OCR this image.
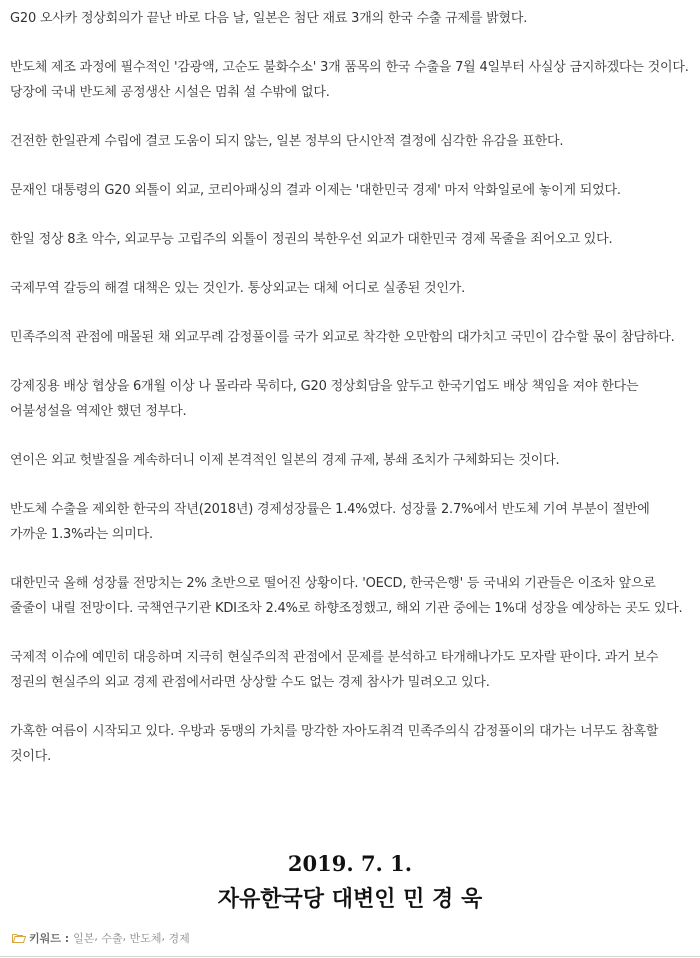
G20 오사카 정상회의가 끝난 바로 다음 날, 일본은 첨단 재료 3개의 한국 수출 규제를 밝혔다.

반도체 제조 과정에 필수적인 '감광액, 고순도 불화수소' 3개 품목의 한국 수출을 7월 4일부터 사실상 금지하겠다는 것이다. 당장에 국내 반도체 공정생산 시설은 멈춰 설 수밖에 없다.

건전한 한일관계 수립에 결코 도움이 되지 않는, 일본 정부의 단시안적 결정에 심각한 유감을 표한다.

문재인 대통령의 G20 외톨이 외교, 코리아패싱의 결과 이제는 '대한민국 경제' 마저 악화일로에 놓이게 되었다.

한일 정상 8초 악수, 외교무능 고립주의 외톨이 정권의 북한우선 외교가 대한민국 경제 목줄을 죄어오고 있다.

국제무역 갈등의 해결 대책은 있는 것인가. 통상외교는 대체 어디로 실종된 것인가.

민족주의적 관점에 매몰된 채 외교무례 감정풀이를 국가 외교로 착각한 오만함의 대가치고 국민이 감수할 몫이 참담하다.

강제징용 배상 협상을 6개월 이상 나 몰라라 묵히다, G20 정상회담을 앞두고 한국기업도 배상 책임을 져야 한다는 어불성설을 역제안 했던 정부다.

연이은 외교 헛발질을 계속하더니 이제 본격적인 일본의 경제 규제, 봉쇄 조치가 구체화되는 것이다.

반도체 수출을 제외한 한국의 작년(2018년) 경제성장률은 1.4%였다. 성장률 2.7%에서 반도체 기여 부분이 절반에 가까운 1.3%라는 의미다.

대한민국 올해 성장률 전망치는 2% 초반으로 떨어진 상황이다. 'OECD, 한국은행' 등 국내외 기관들은 이조차 앞으로 줄줄이 내릴 전망이다. 국책연구기관 KDI조차 2.4%로 하향조정했고, 해외 기관 중에는 1%대 성장을 예상하는 곳도 있다.

국제적 이슈에 예민히 대응하며 지극히 현실주의적 관점에서 문제를 분석하고 타개해나가도 모자랄 판이다. 과거 보수 정권의 현실주의 외교 경제 관점에서라면 상상할 수도 없는 경제 참사가 밀려오고 있다.

가혹한 여름이 시작되고 있다. 우방과 동맹의 가치를 망각한 자아도취격 민족주의식 감정풀이의 대가는 너무도 참혹할 것이다.

2019. 7. 1.
자유한국당 대변인 민 경 욱
키워드 : 일본 , 수출 , 반도체 , 경제
